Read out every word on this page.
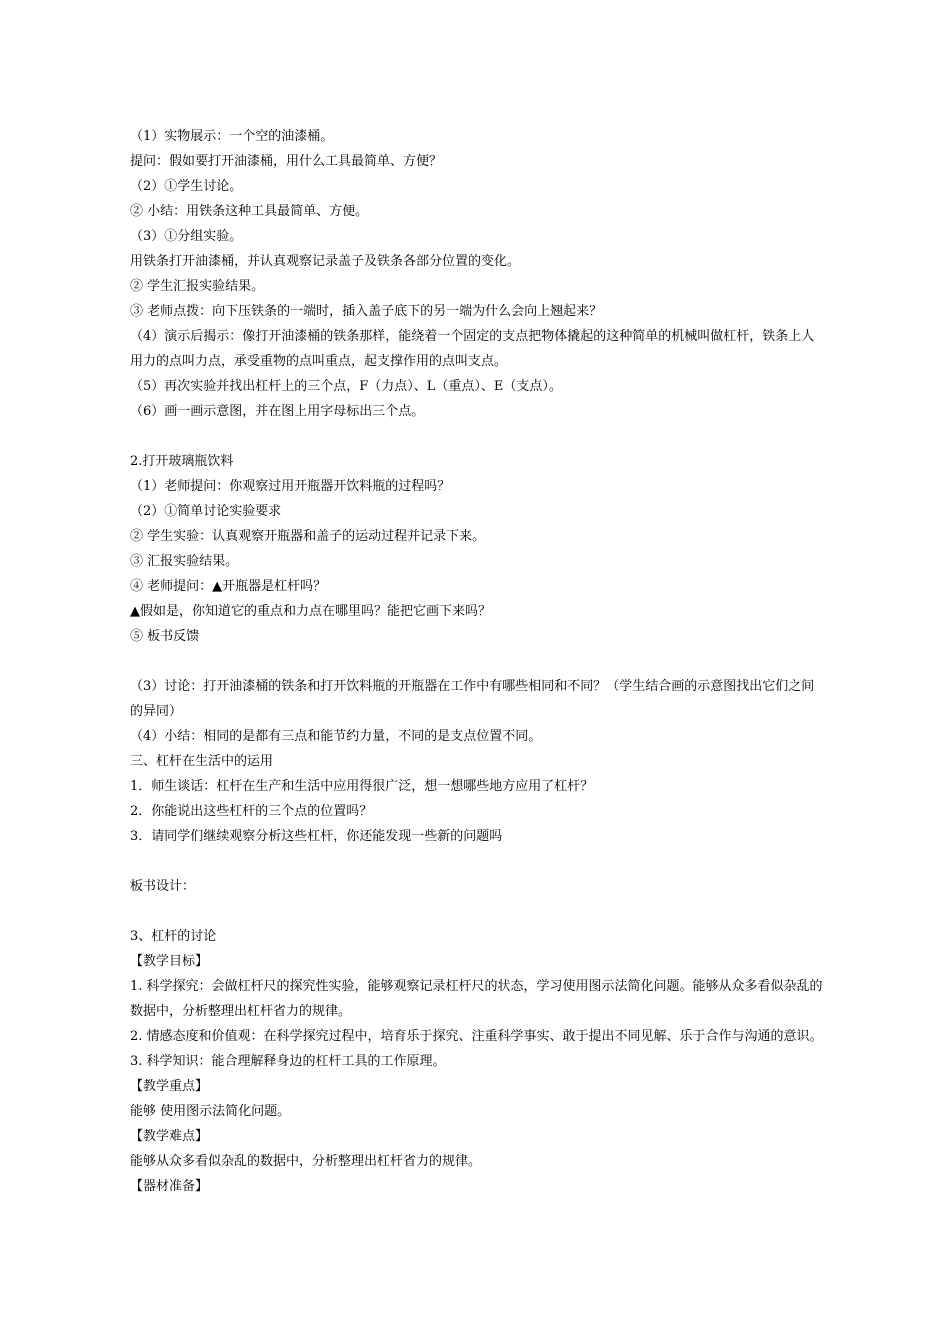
（1）实物展示：一个空的油漆桶。
提问：假如要打开油漆桶，用什么工具最简单、方便？
（2）①学生讨论。
② 小结：用铁条这种工具最简单、方便。
（3）①分组实验。
用铁条打开油漆桶，并认真观察记录盖子及铁条各部分位置的变化。
② 学生汇报实验结果。
③ 老师点拨：向下压铁条的一端时，插入盖子底下的另一端为什么会向上翘起来？
（4）演示后揭示：像打开油漆桶的铁条那样，能绕着一个固定的支点把物体撬起的这种简单的机械叫做杠杆，铁条上人用力的点叫力点，承受重物的点叫重点，起支撑作用的点叫支点。
（5）再次实验并找出杠杆上的三个点，F（力点）、L（重点）、E（支点）。
（6）画一画示意图，并在图上用字母标出三个点。
2.打开玻璃瓶饮料
（1）老师提问：你观察过用开瓶器开饮料瓶的过程吗？
（2）①简单讨论实验要求
② 学生实验：认真观察开瓶器和盖子的运动过程并记录下来。
③ 汇报实验结果。
④ 老师提问：▲开瓶器是杠杆吗？
▲假如是，你知道它的重点和力点在哪里吗？能把它画下来吗？
⑤ 板书反馈
（3）讨论：打开油漆桶的铁条和打开饮料瓶的开瓶器在工作中有哪些相同和不同？（学生结合画的示意图找出它们之间的异同）
（4）小结：相同的是都有三点和能节约力量，不同的是支点位置不同。
三、杠杆在生活中的运用
1．师生谈话：杠杆在生产和生活中应用得很广泛，想一想哪些地方应用了杠杆？
2．你能说出这些杠杆的三个点的位置吗？
3．请同学们继续观察分析这些杠杆，你还能发现一些新的问题吗
板书设计：
3、杠杆的讨论
【教学目标】
1. 科学探究：会做杠杆尺的探究性实验，能够观察记录杠杆尺的状态，学习使用图示法简化问题。能够从众多看似杂乱的数据中，分析整理出杠杆省力的规律。
2. 情感态度和价值观：在科学探究过程中，培育乐于探究、注重科学事实、敢于提出不同见解、乐于合作与沟通的意识。
3. 科学知识：能合理解释身边的杠杆工具的工作原理。
【教学重点】
能够 使用图示法简化问题。
【教学难点】
能够从众多看似杂乱的数据中，分析整理出杠杆省力的规律。
【器材准备】
